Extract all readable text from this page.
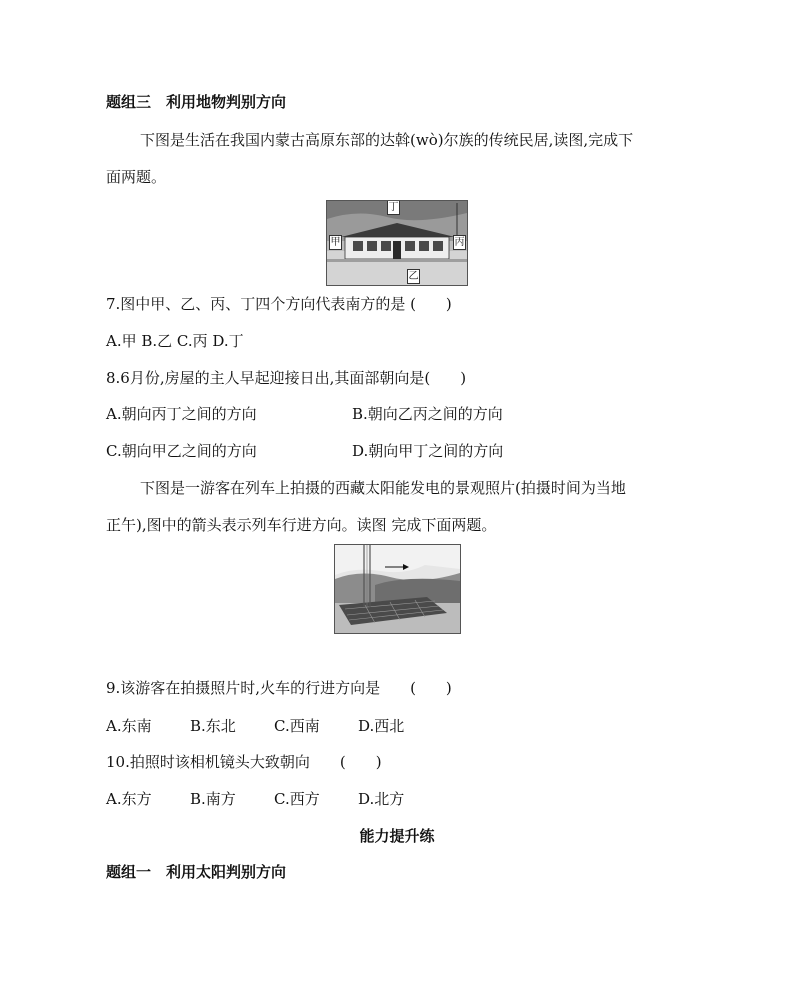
题组三　利用地物判别方向
下图是生活在我国内蒙古高原东部的达斡(wò)尔族的传统民居,读图,完成下
面两题。
丁
甲	丙
乙
7.图中甲、乙、丙、丁四个方向代表南方的是 (　　)
A.甲 B.乙 C.丙 D.丁
8.6月份,房屋的主人早起迎接日出,其面部朝向是(　　)
A.朝向丙丁之间的方向	B.朝向乙丙之间的方向
C.朝向甲乙之间的方向	D.朝向甲丁之间的方向
下图是一游客在列车上拍摄的西藏太阳能发电的景观照片(拍摄时间为当地
正午),图中的箭头表示列车行进方向。读图 完成下面两题。
9.该游客在拍摄照片时,火车的行进方向是　　(　　)
A.东南	B.东北	C.西南	D.西北
10.拍照时该相机镜头大致朝向　　(　　)
A.东方	B.南方	C.西方	D.北方
能力提升练
题组一　利用太阳判别方向
